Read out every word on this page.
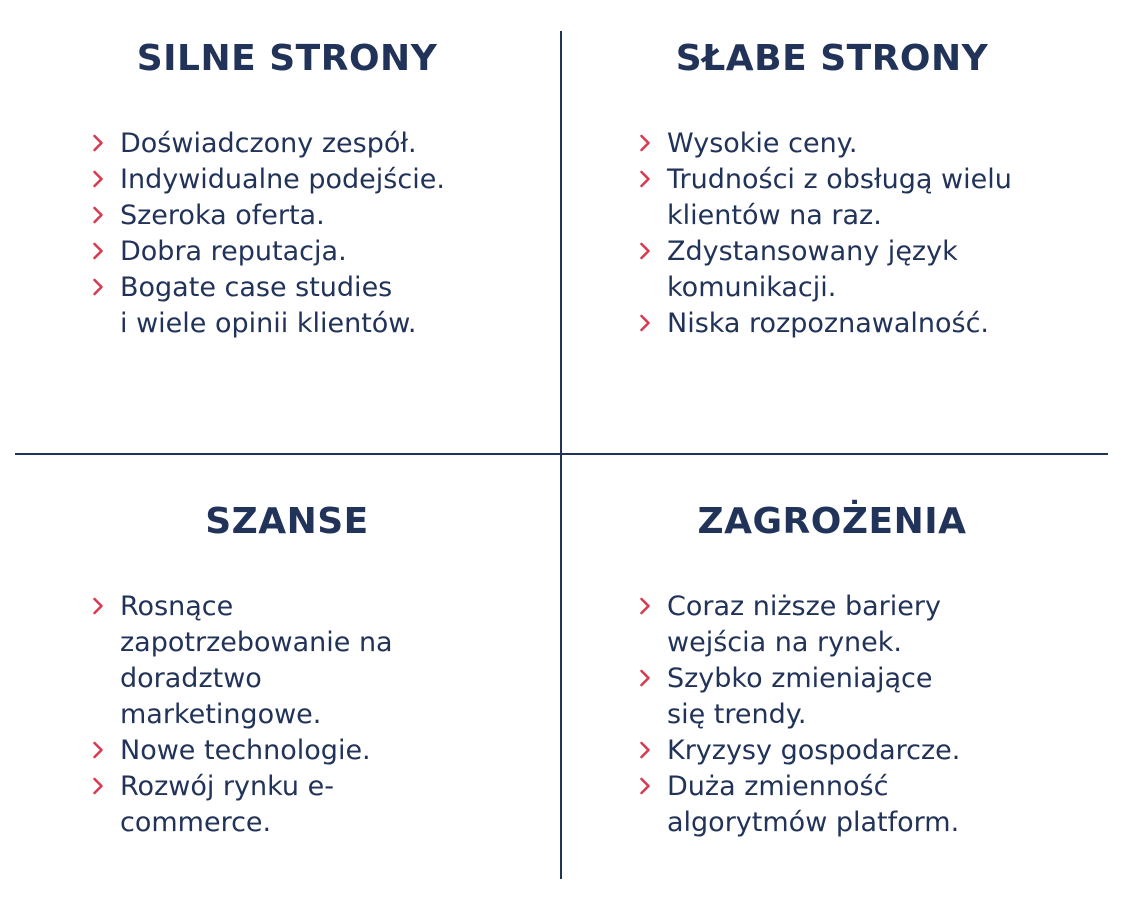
SILNE STRONY
Doświadczony zespół.
Indywidualne podejście.
Szeroka oferta.
Dobra reputacja.
Bogate case studies
i wiele opinii klientów.
SŁABE STRONY
Wysokie ceny.
Trudności z obsługą wielu
klientów na raz.
Zdystansowany język
komunikacji.
Niska rozpoznawalność.
SZANSE
Rosnące
zapotrzebowanie na
doradztwo
marketingowe.
Nowe technologie.
Rozwój rynku e-
commerce.
ZAGROŻENIA
Coraz niższe bariery
wejścia na rynek.
Szybko zmieniające
się trendy.
Kryzysy gospodarcze.
Duża zmienność
algorytmów platform.
